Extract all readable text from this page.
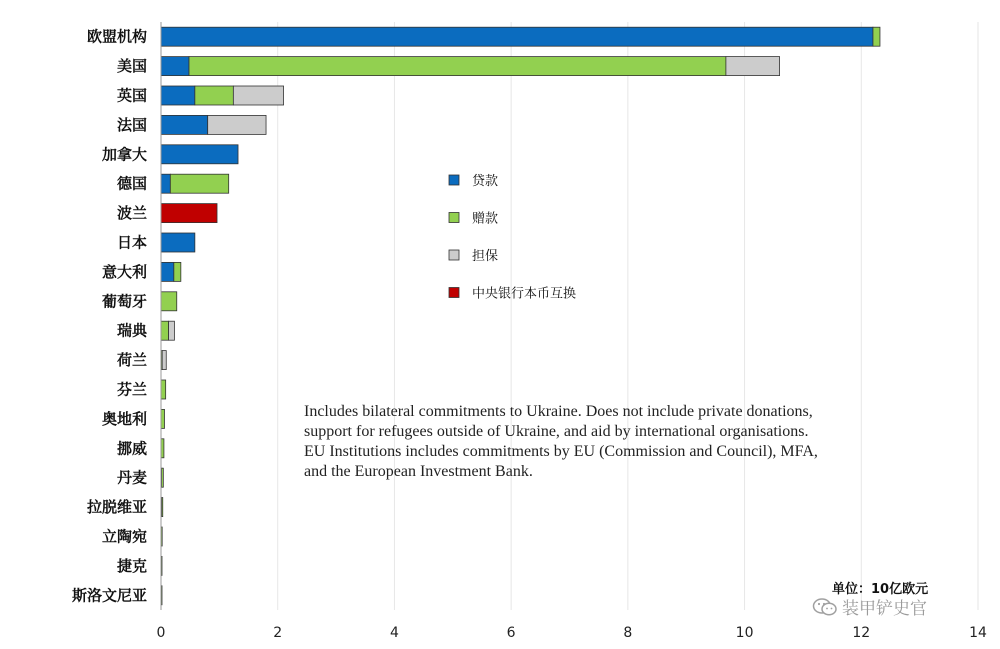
欧盟机构
美国
英国
法国
加拿大
德国
波兰
日本
意大利
葡萄牙
瑞典
荷兰
芬兰
奥地利
挪威
丹麦
拉脱维亚
立陶宛
捷克
斯洛文尼亚
0	2	4	6	8	10	12	14
贷款
赠款
担保
中央银行本币互换
Includes bilateral commitments to Ukraine. Does not include private donations,
support for refugees outside of Ukraine, and aid by international organisations.
EU Institutions includes commitments by EU (Commission and Council), MFA,
and the European Investment Bank.
单位：10亿欧元
装甲铲史官
